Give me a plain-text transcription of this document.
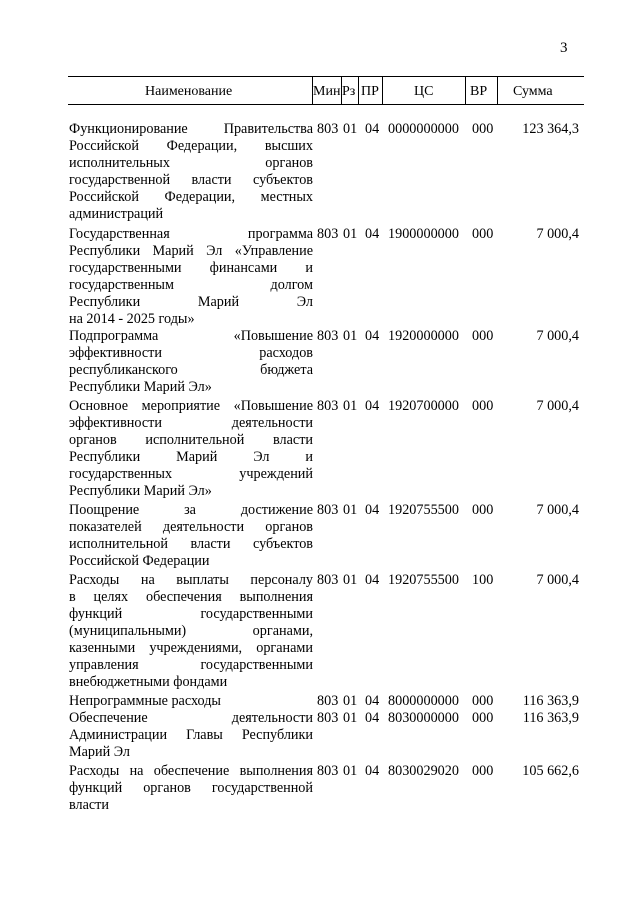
3
Наименование	Мин Рз ПР	ЦС	ВР Сумма
Функционирование Правительства
Российской Федерации, высших
исполнительных органов
государственной власти субъектов
Российской Федерации, местных
администраций
803 01 04 0000000000 000 123 364,3
Государственная программа
Республики Марий Эл «Управление
государственными финансами и
государственным долгом
Республики Марий Эл
на 2014 - 2025 годы»
803 01 04 1900000000 000	7 000,4
Подпрограмма «Повышение
эффективности расходов
республиканского бюджета
Республики Марий Эл»
803 01 04 1920000000 000	7 000,4
Основное мероприятие «Повышение
эффективности деятельности
органов исполнительной власти
Республики Марий Эл и
государственных учреждений
Республики Марий Эл»
803 01 04 1920700000 000	7 000,4
Поощрение за достижение
показателей деятельности органов
исполнительной власти субъектов
Российской Федерации
803 01 04 1920755500 000	7 000,4
Расходы на выплаты персоналу
в целях обеспечения выполнения
функций государственными
(муниципальными) органами,
казенными учреждениями, органами
управления государственными
внебюджетными фондами
803 01 04 1920755500 100	7 000,4
Непрограммные расходы	803 01 04 8000000000 000 116 363,9
Обеспечение деятельности
Администрации Главы Республики
Марий Эл
803 01 04 8030000000 000 116 363,9
Расходы на обеспечение выполнения
функций органов государственной
власти
803 01 04 8030029020 000 105 662,6
